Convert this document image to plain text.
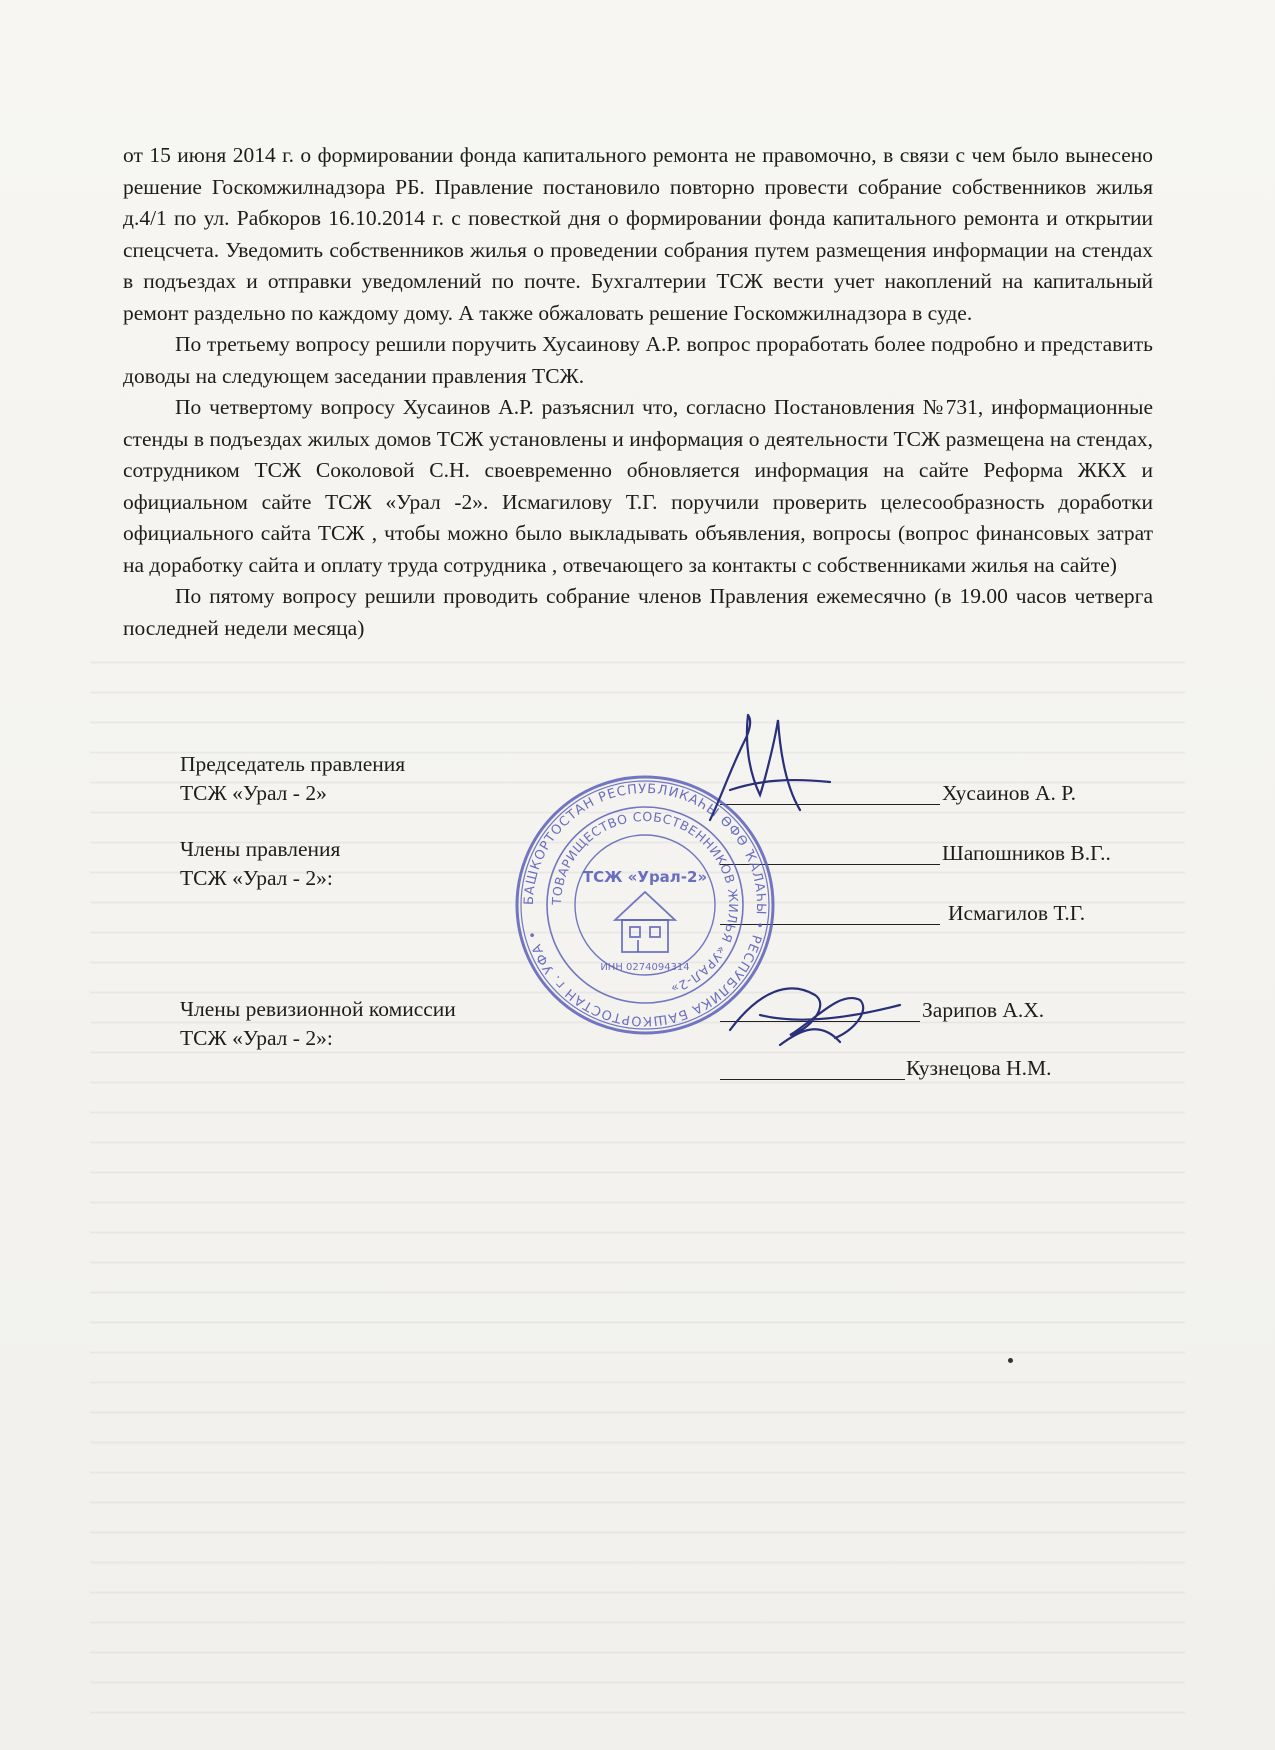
от 15 июня 2014 г. о формировании фонда капитального ремонта не правомочно, в связи с чем было вынесено решение Госкомжилнадзора РБ. Правление постановило повторно провести собрание собственников жилья д.4/1 по ул. Рабкоров 16.10.2014 г. с повесткой дня о формировании фонда капитального ремонта и открытии спецсчета. Уведомить собственников жилья о проведении собрания путем размещения информации на стендах в подъездах и отправки уведомлений по почте. Бухгалтерии ТСЖ вести учет накоплений на капитальный ремонт раздельно по каждому дому. А также обжаловать решение Госкомжилнадзора в суде.

По третьему вопросу решили поручить Хусаинову А.Р. вопрос проработать более подробно и представить доводы на следующем заседании правления ТСЖ.

По четвертому вопросу Хусаинов А.Р. разъяснил что, согласно Постановления №731, информационные стенды в подъездах жилых домов ТСЖ установлены и информация о деятельности ТСЖ размещена на стендах, сотрудником ТСЖ Соколовой С.Н. своевременно обновляется информация на сайте Реформа ЖКХ и официальном сайте ТСЖ «Урал -2». Исмагилову Т.Г. поручили проверить целесообразность доработки официального сайта ТСЖ , чтобы можно было выкладывать объявления, вопросы (вопрос финансовых затрат на доработку сайта и оплату труда сотрудника , отвечающего за контакты с собственниками жилья на сайте)

По пятому вопросу решили проводить собрание членов Правления ежемесячно (в 19.00 часов четверга последней недели месяца)

Председатель правления
ТСЖ «Урал - 2»	Хусаинов А. Р.
Члены правления
ТСЖ «Урал - 2»:
Шапошников В.Г..
Исмагилов Т.Г.
Члены ревизионной комиссии
ТСЖ «Урал - 2»:
Зарипов А.Х.
Кузнецова Н.М.
БАШКОРТОСТАН РЕСПУБЛИКАҺЫ ӨФӨ ҠАЛАҺЫ • РЕСПУБЛИКА БАШКОРТОСТАН г. УФА •
ТОВАРИЩЕСТВО СОБСТВЕННИКОВ ЖИЛЬЯ «УРАЛ-2»
ТСЖ «Урал-2»
ИНН 0274094314
